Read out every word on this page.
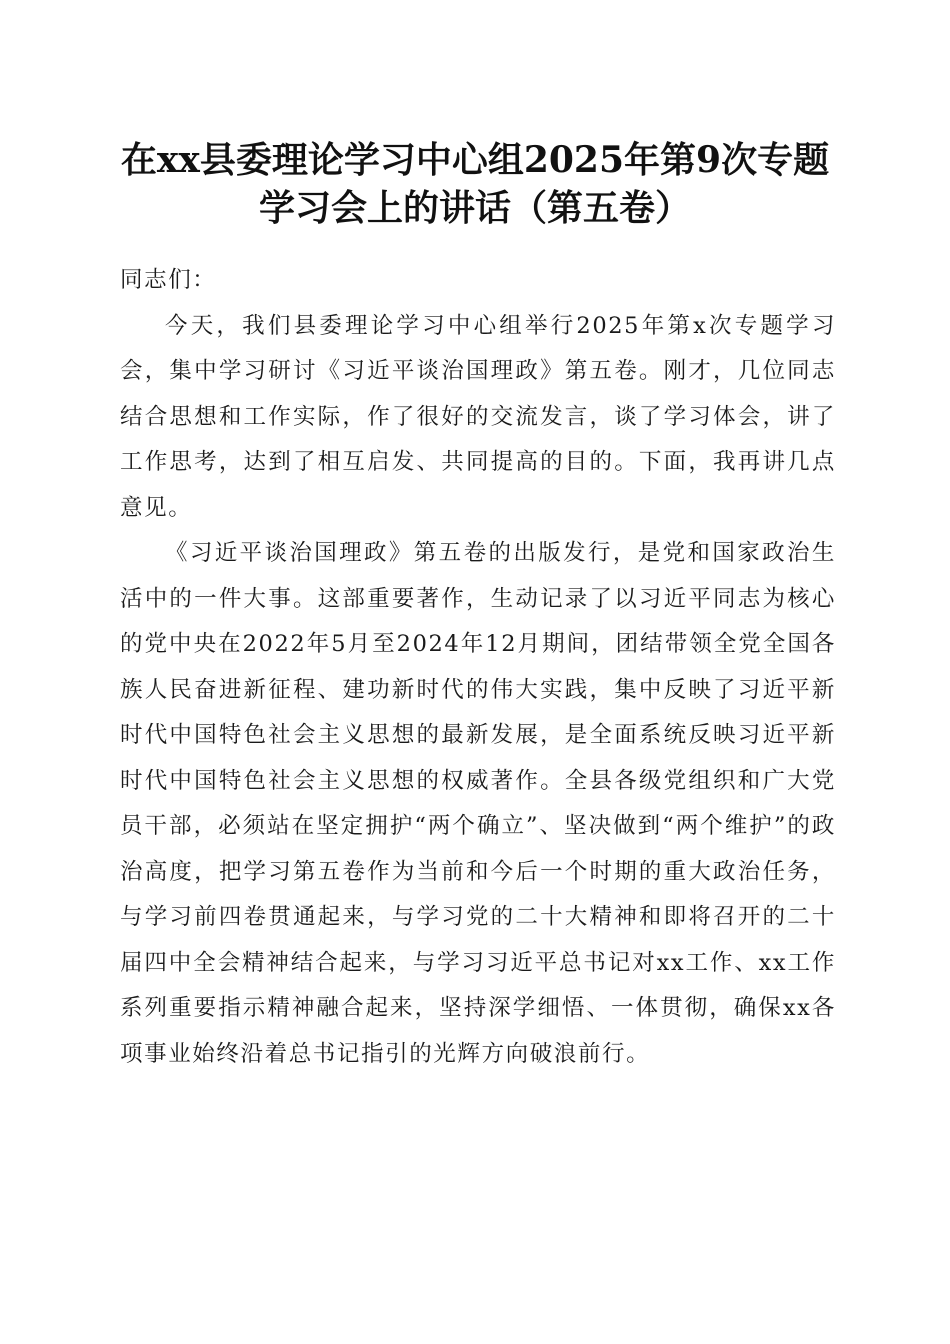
在xx县委理论学习中心组2025年第9次专题
学习会上的讲话（第五卷）

同志们：

今天，我们县委理论学习中心组举行2025年第x次专题学习会，集中学习研讨《习近平谈治国理政》第五卷。刚才，几位同志结合思想和工作实际，作了很好的交流发言，谈了学习体会，讲了工作思考，达到了相互启发、共同提高的目的。下面，我再讲几点意见。

《习近平谈治国理政》第五卷的出版发行，是党和国家政治生活中的一件大事。这部重要著作，生动记录了以习近平同志为核心的党中央在2022年5月至2024年12月期间，团结带领全党全国各族人民奋进新征程、建功新时代的伟大实践，集中反映了习近平新时代中国特色社会主义思想的最新发展，是全面系统反映习近平新时代中国特色社会主义思想的权威著作。全县各级党组织和广大党员干部，必须站在坚定拥护“两个确立”、坚决做到“两个维护”的政治高度，把学习第五卷作为当前和今后一个时期的重大政治任务，与学习前四卷贯通起来，与学习党的二十大精神和即将召开的二十届四中全会精神结合起来，与学习习近平总书记对xx工作、xx工作系列重要指示精神融合起来，坚持深学细悟、一体贯彻，确保xx各项事业始终沿着总书记指引的光辉方向破浪前行。
